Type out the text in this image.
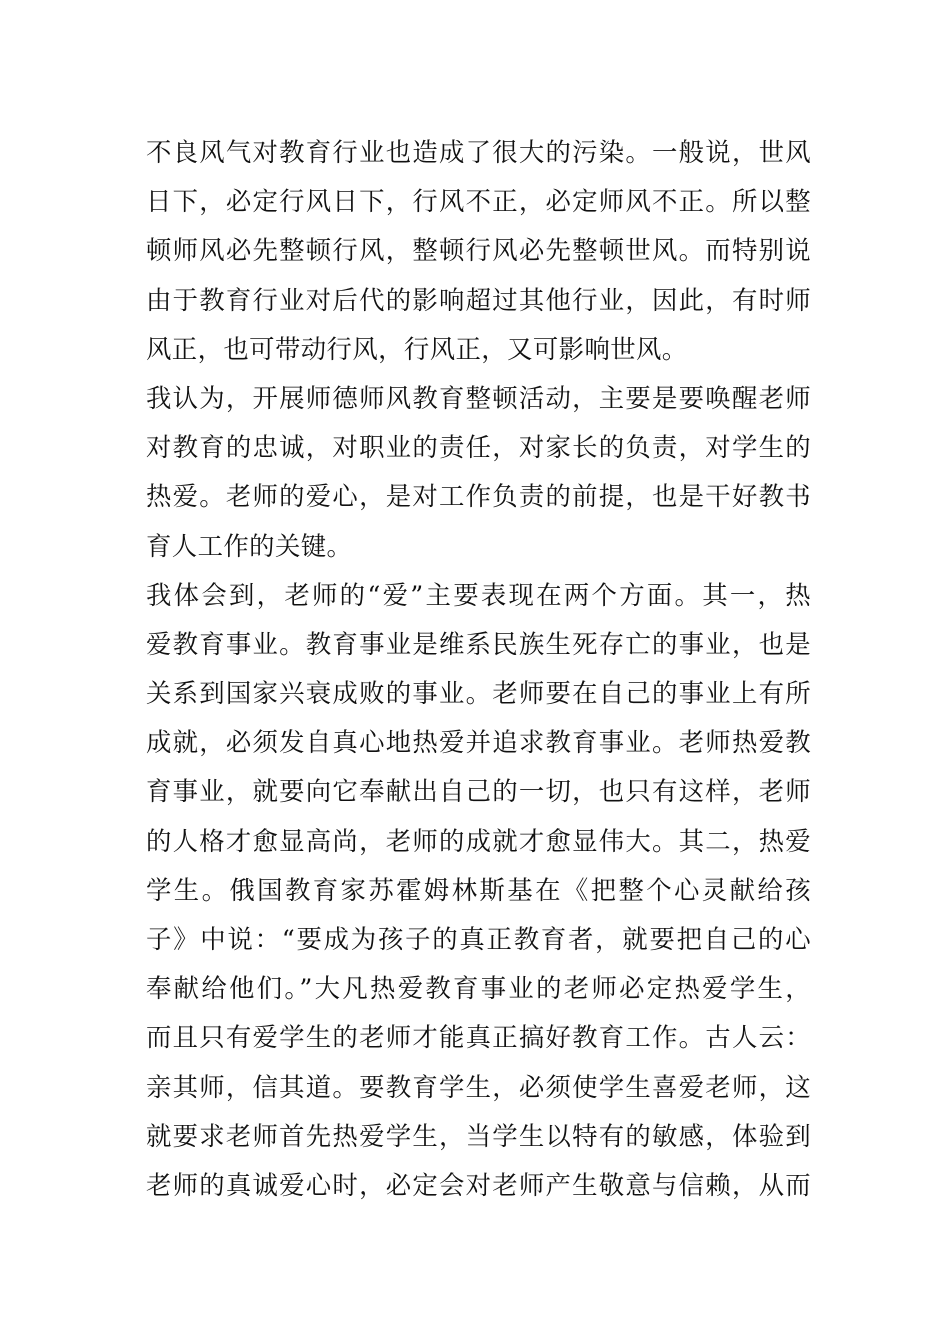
不良风气对教育行业也造成了很大的污染。一般说，世风
日下，必定行风日下，行风不正，必定师风不正。所以整
顿师风必先整顿行风，整顿行风必先整顿世风。而特别说
由于教育行业对后代的影响超过其他行业，因此，有时师
风正，也可带动行风，行风正，又可影响世风。
我认为，开展师德师风教育整顿活动，主要是要唤醒老师
对教育的忠诚，对职业的责任，对家长的负责，对学生的
热爱。老师的爱心，是对工作负责的前提，也是干好教书
育人工作的关键。
我体会到，老师的“爱”主要表现在两个方面。其一，热
爱教育事业。教育事业是维系民族生死存亡的事业，也是
关系到国家兴衰成败的事业。老师要在自己的事业上有所
成就，必须发自真心地热爱并追求教育事业。老师热爱教
育事业，就要向它奉献出自己的一切，也只有这样，老师
的人格才愈显高尚，老师的成就才愈显伟大。其二，热爱
学生。俄国教育家苏霍姆林斯基在《把整个心灵献给孩
子》中说：“要成为孩子的真正教育者，就要把自己的心
奉献给他们。”大凡热爱教育事业的老师必定热爱学生，
而且只有爱学生的老师才能真正搞好教育工作。古人云：
亲其师，信其道。要教育学生，必须使学生喜爱老师，这
就要求老师首先热爱学生，当学生以特有的敏感，体验到
老师的真诚爱心时，必定会对老师产生敬意与信赖，从而
